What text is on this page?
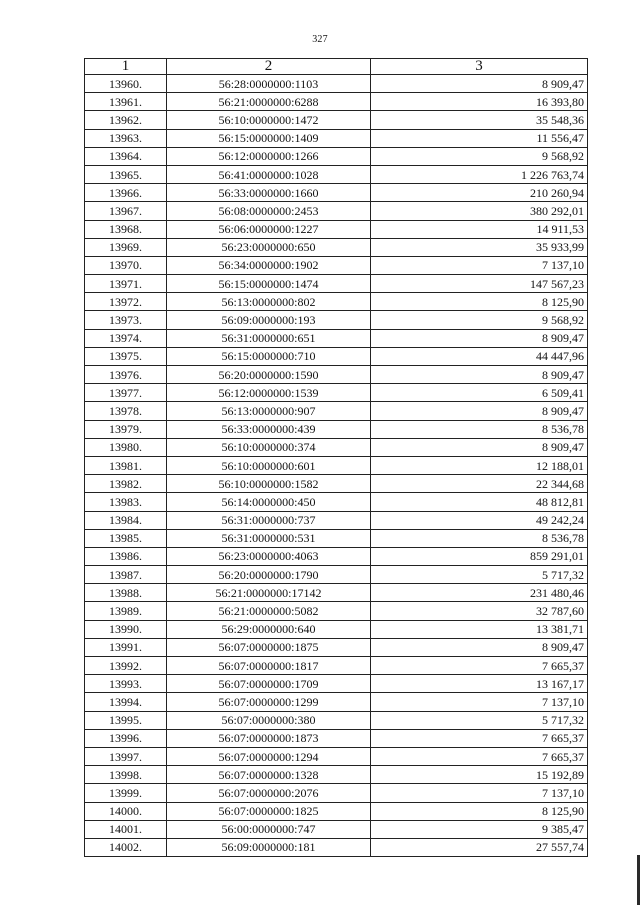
327
1	2	3
13960.	56:28:0000000:1103	8 909,47
13961.	56:21:0000000:6288	16 393,80
13962.	56:10:0000000:1472	35 548,36
13963.	56:15:0000000:1409	11 556,47
13964.	56:12:0000000:1266	9 568,92
13965.	56:41:0000000:1028	1 226 763,74
13966.	56:33:0000000:1660	210 260,94
13967.	56:08:0000000:2453	380 292,01
13968.	56:06:0000000:1227	14 911,53
13969.	56:23:0000000:650	35 933,99
13970.	56:34:0000000:1902	7 137,10
13971.	56:15:0000000:1474	147 567,23
13972.	56:13:0000000:802	8 125,90
13973.	56:09:0000000:193	9 568,92
13974.	56:31:0000000:651	8 909,47
13975.	56:15:0000000:710	44 447,96
13976.	56:20:0000000:1590	8 909,47
13977.	56:12:0000000:1539	6 509,41
13978.	56:13:0000000:907	8 909,47
13979.	56:33:0000000:439	8 536,78
13980.	56:10:0000000:374	8 909,47
13981.	56:10:0000000:601	12 188,01
13982.	56:10:0000000:1582	22 344,68
13983.	56:14:0000000:450	48 812,81
13984.	56:31:0000000:737	49 242,24
13985.	56:31:0000000:531	8 536,78
13986.	56:23:0000000:4063	859 291,01
13987.	56:20:0000000:1790	5 717,32
13988.	56:21:0000000:17142	231 480,46
13989.	56:21:0000000:5082	32 787,60
13990.	56:29:0000000:640	13 381,71
13991.	56:07:0000000:1875	8 909,47
13992.	56:07:0000000:1817	7 665,37
13993.	56:07:0000000:1709	13 167,17
13994.	56:07:0000000:1299	7 137,10
13995.	56:07:0000000:380	5 717,32
13996.	56:07:0000000:1873	7 665,37
13997.	56:07:0000000:1294	7 665,37
13998.	56:07:0000000:1328	15 192,89
13999.	56:07:0000000:2076	7 137,10
14000.	56:07:0000000:1825	8 125,90
14001.	56:00:0000000:747	9 385,47
14002.	56:09:0000000:181	27 557,74
